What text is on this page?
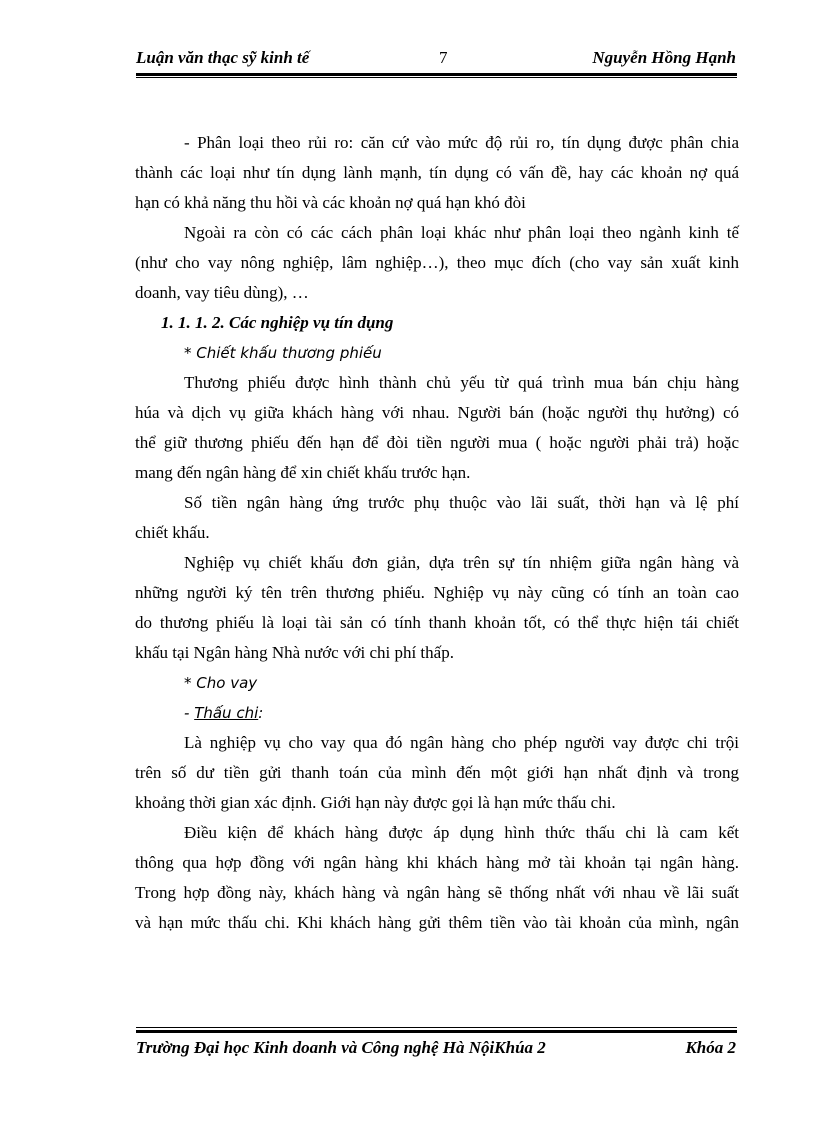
Luận văn thạc sỹ kinh tế	7	Nguyễn Hồng Hạnh
- Phân loại theo rủi ro: căn cứ vào mức độ rủi ro, tín dụng được phân chia
thành các loại như tín dụng lành mạnh, tín dụng có vấn đề, hay các khoản nợ quá
hạn có khả năng thu hồi và các khoản nợ quá hạn khó đòi
Ngoài ra còn có các cách phân loại khác như phân loại theo ngành kinh tế
(như cho vay nông nghiệp, lâm nghiệp…), theo mục đích (cho vay sản xuất kinh
doanh, vay tiêu dùng), …
1. 1. 1. 2. Các nghiệp vụ tín dụng
* Chiết khấu thương phiếu
Thương phiếu được hình thành chủ yếu từ quá trình mua bán chịu hàng
húa và dịch vụ giữa khách hàng với nhau. Người bán (hoặc người thụ hưởng) có
thể giữ thương phiếu đến hạn để đòi tiền người mua ( hoặc người phải trả) hoặc
mang đến ngân hàng để xin chiết khấu trước hạn.
Số tiền ngân hàng ứng trước phụ thuộc vào lãi suất, thời hạn và lệ phí
chiết khấu.
Nghiệp vụ chiết khấu đơn giản, dựa trên sự tín nhiệm giữa ngân hàng và
những người ký tên trên thương phiếu. Nghiệp vụ này cũng có tính an toàn cao
do thương phiếu là loại tài sản có tính thanh khoản tốt, có thể thực hiện tái chiết
khấu tại Ngân hàng Nhà nước với chi phí thấp.
* Cho vay
- Thấu chi:
Là nghiệp vụ cho vay qua đó ngân hàng cho phép người vay được chi trội
trên số dư tiền gửi thanh toán của mình đến một giới hạn nhất định và trong
khoảng thời gian xác định. Giới hạn này được gọi là hạn mức thấu chi.
Điều kiện để khách hàng được áp dụng hình thức thấu chi là cam kết
thông qua hợp đồng với ngân hàng khi khách hàng mở tài khoản tại ngân hàng.
Trong hợp đồng này, khách hàng và ngân hàng sẽ thống nhất với nhau về lãi suất
và hạn mức thấu chi. Khi khách hàng gửi thêm tiền vào tài khoản của mình, ngân
Trường Đại học Kinh doanh và Công nghệ Hà NộiKhúa 2	Khóa 2
